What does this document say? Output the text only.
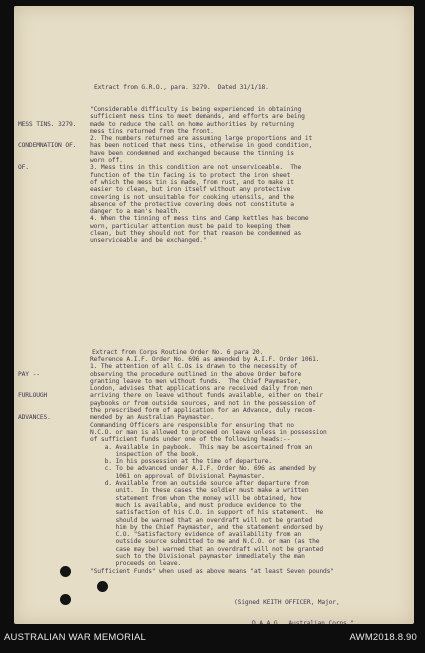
Extract from G.R.O., para. 3279.  Dated 31/1/18.

MESS TINS. 3279.

CONDEMNATION OF.

OF.

"Considerable difficulty is being experienced in obtaining
sufficient mess tins to meet demands, and efforts are being
made to reduce the call on home authorities by returning
mess tins returned from the front.
2. The numbers returned are assuming large proportions and it
has been noticed that mess tins, otherwise in good condition,
have been condemned and exchanged because the tinning is
worn off.
3. Mess tins in this condition are not unserviceable.  The
function of the tin facing is to protect the iron sheet
of which the mess tin is made, from rust, and to make it
easier to clean, but iron itself without any protective
covering is not unsuitable for cooking utensils, and the
absence of the protective covering does not constitute a
danger to a man's health.
4. When the tinning of mess tins and Camp kettles has become
worn, particular attention must be paid to keeping them
clean, but they should not for that reason be condemned as
unserviceable and be exchanged."
Extract from Corps Routine Order No. 6 para 20.

PAY --

FURLOUGH

ADVANCES.

Reference A.I.F. Order No. 696 as amended by A.I.F. Order 1061.
1. The attention of all C.Os is drawn to the necessity of
observing the procedure outlined in the above Order before
granting leave to men without funds.  The Chief Paymaster,
London, advises that applications are received daily from men
arriving there on leave without funds available, either on their
paybooks or from outside sources, and not in the possession of
the prescribed form of application for an Advance, duly recom-
mended by an Australian Paymaster.
Commanding Officers are responsible for ensuring that no
N.C.O. or man is allowed to proceed on leave unless in possession
of sufficient funds under one of the following heads:--
a. Available in paybook.  This may be ascertained from an
inspection of the book.
b. In his possession at the time of departure.
c. To be advanced under A.I.F. Order No. 696 as amended by
1061 on approval of Divisional Paymaster.
d. Available from an outside source after departure from
unit.  In these cases the soldier must make a written
statement from whom the money will be obtained, how
much is available, and must produce evidence to the
satisfaction of his C.O. in support of his statement.  He
should be warned that an overdraft will not be granted
him by the Chief Paymaster, and the statement endorsed by
C.O. "Satisfactory evidence of availability from an
outside source submitted to me and N.C.O. or man (as the
case may be) warned that an overdraft will not be granted
such to the Divisional paymaster immediately the man
proceeds on leave.
"Sufficient Funds" when used as above means "at least Seven pounds"

(Signed KEITH OFFICER, Major,

AUSTRALIAN WAR MEMORIAL	AWM2018.8.90
